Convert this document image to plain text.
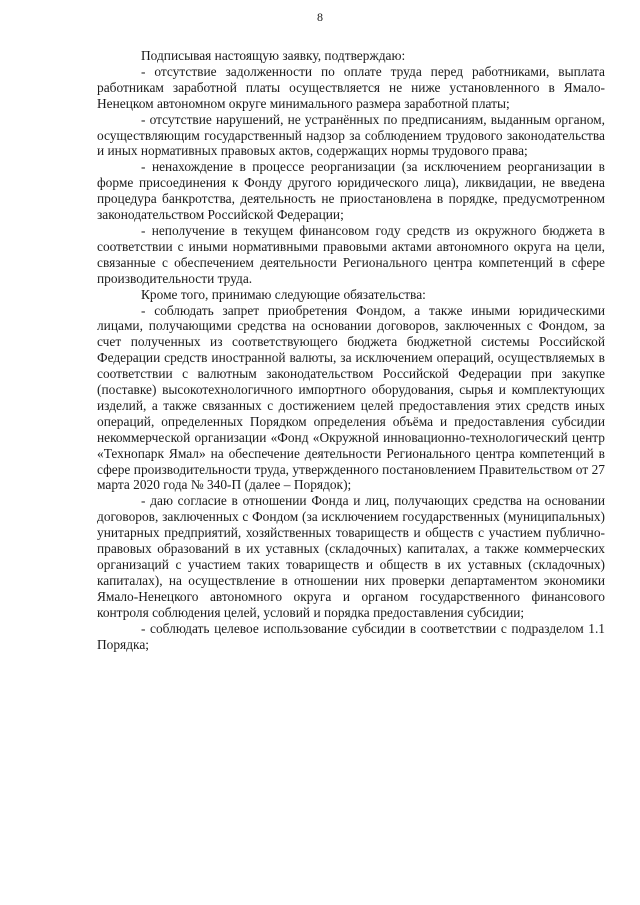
8

Подписывая настоящую заявку, подтверждаю:

- отсутствие задолженности по оплате труда перед работниками, выплата работникам заработной платы осуществляется не ниже установленного в Ямало-Ненецком автономном округе минимального размера заработной платы;

- отсутствие нарушений, не устранённых по предписаниям, выданным органом, осуществляющим государственный надзор за соблюдением трудового законодательства и иных нормативных правовых актов, содержащих нормы трудового права;

- ненахождение в процессе реорганизации (за исключением реорганизации в форме присоединения к Фонду другого юридического лица), ликвидации, не введена процедура банкротства, деятельность не приостановлена в порядке, предусмотренном законодательством Российской Федерации;

- неполучение в текущем финансовом году средств из окружного бюджета в соответствии с иными нормативными правовыми актами автономного округа на цели, связанные с обеспечением деятельности Регионального центра компетенций в сфере производительности труда.

Кроме того, принимаю следующие обязательства:

- соблюдать запрет приобретения Фондом, а также иными юридическими лицами, получающими средства на основании договоров, заключенных с Фондом, за счет полученных из соответствующего бюджета бюджетной системы Российской Федерации средств иностранной валюты, за исключением операций, осуществляемых в соответствии с валютным законодательством Российской Федерации при закупке (поставке) высокотехнологичного импортного оборудования, сырья и комплектующих изделий, а также связанных с достижением целей предоставления этих средств иных операций, определенных Порядком определения объёма и предоставления субсидии некоммерческой организации «Фонд «Окружной инновационно-технологический центр «Технопарк Ямал» на обеспечение деятельности Регионального центра компетенций в сфере производительности труда, утвержденного постановлением Правительством от 27 марта 2020 года № 340-П (далее – Порядок);

- даю согласие в отношении Фонда и лиц, получающих средства на основании договоров, заключенных с Фондом (за исключением государственных (муниципальных) унитарных предприятий, хозяйственных товариществ и обществ с участием публично-правовых образований в их уставных (складочных) капиталах, а также коммерческих организаций с участием таких товариществ и обществ в их уставных (складочных) капиталах), на осуществление в отношении них проверки департаментом экономики Ямало-Ненецкого автономного округа и органом государственного финансового контроля соблюдения целей, условий и порядка предоставления субсидии;

- соблюдать целевое использование субсидии в соответствии с подразделом 1.1 Порядка;
